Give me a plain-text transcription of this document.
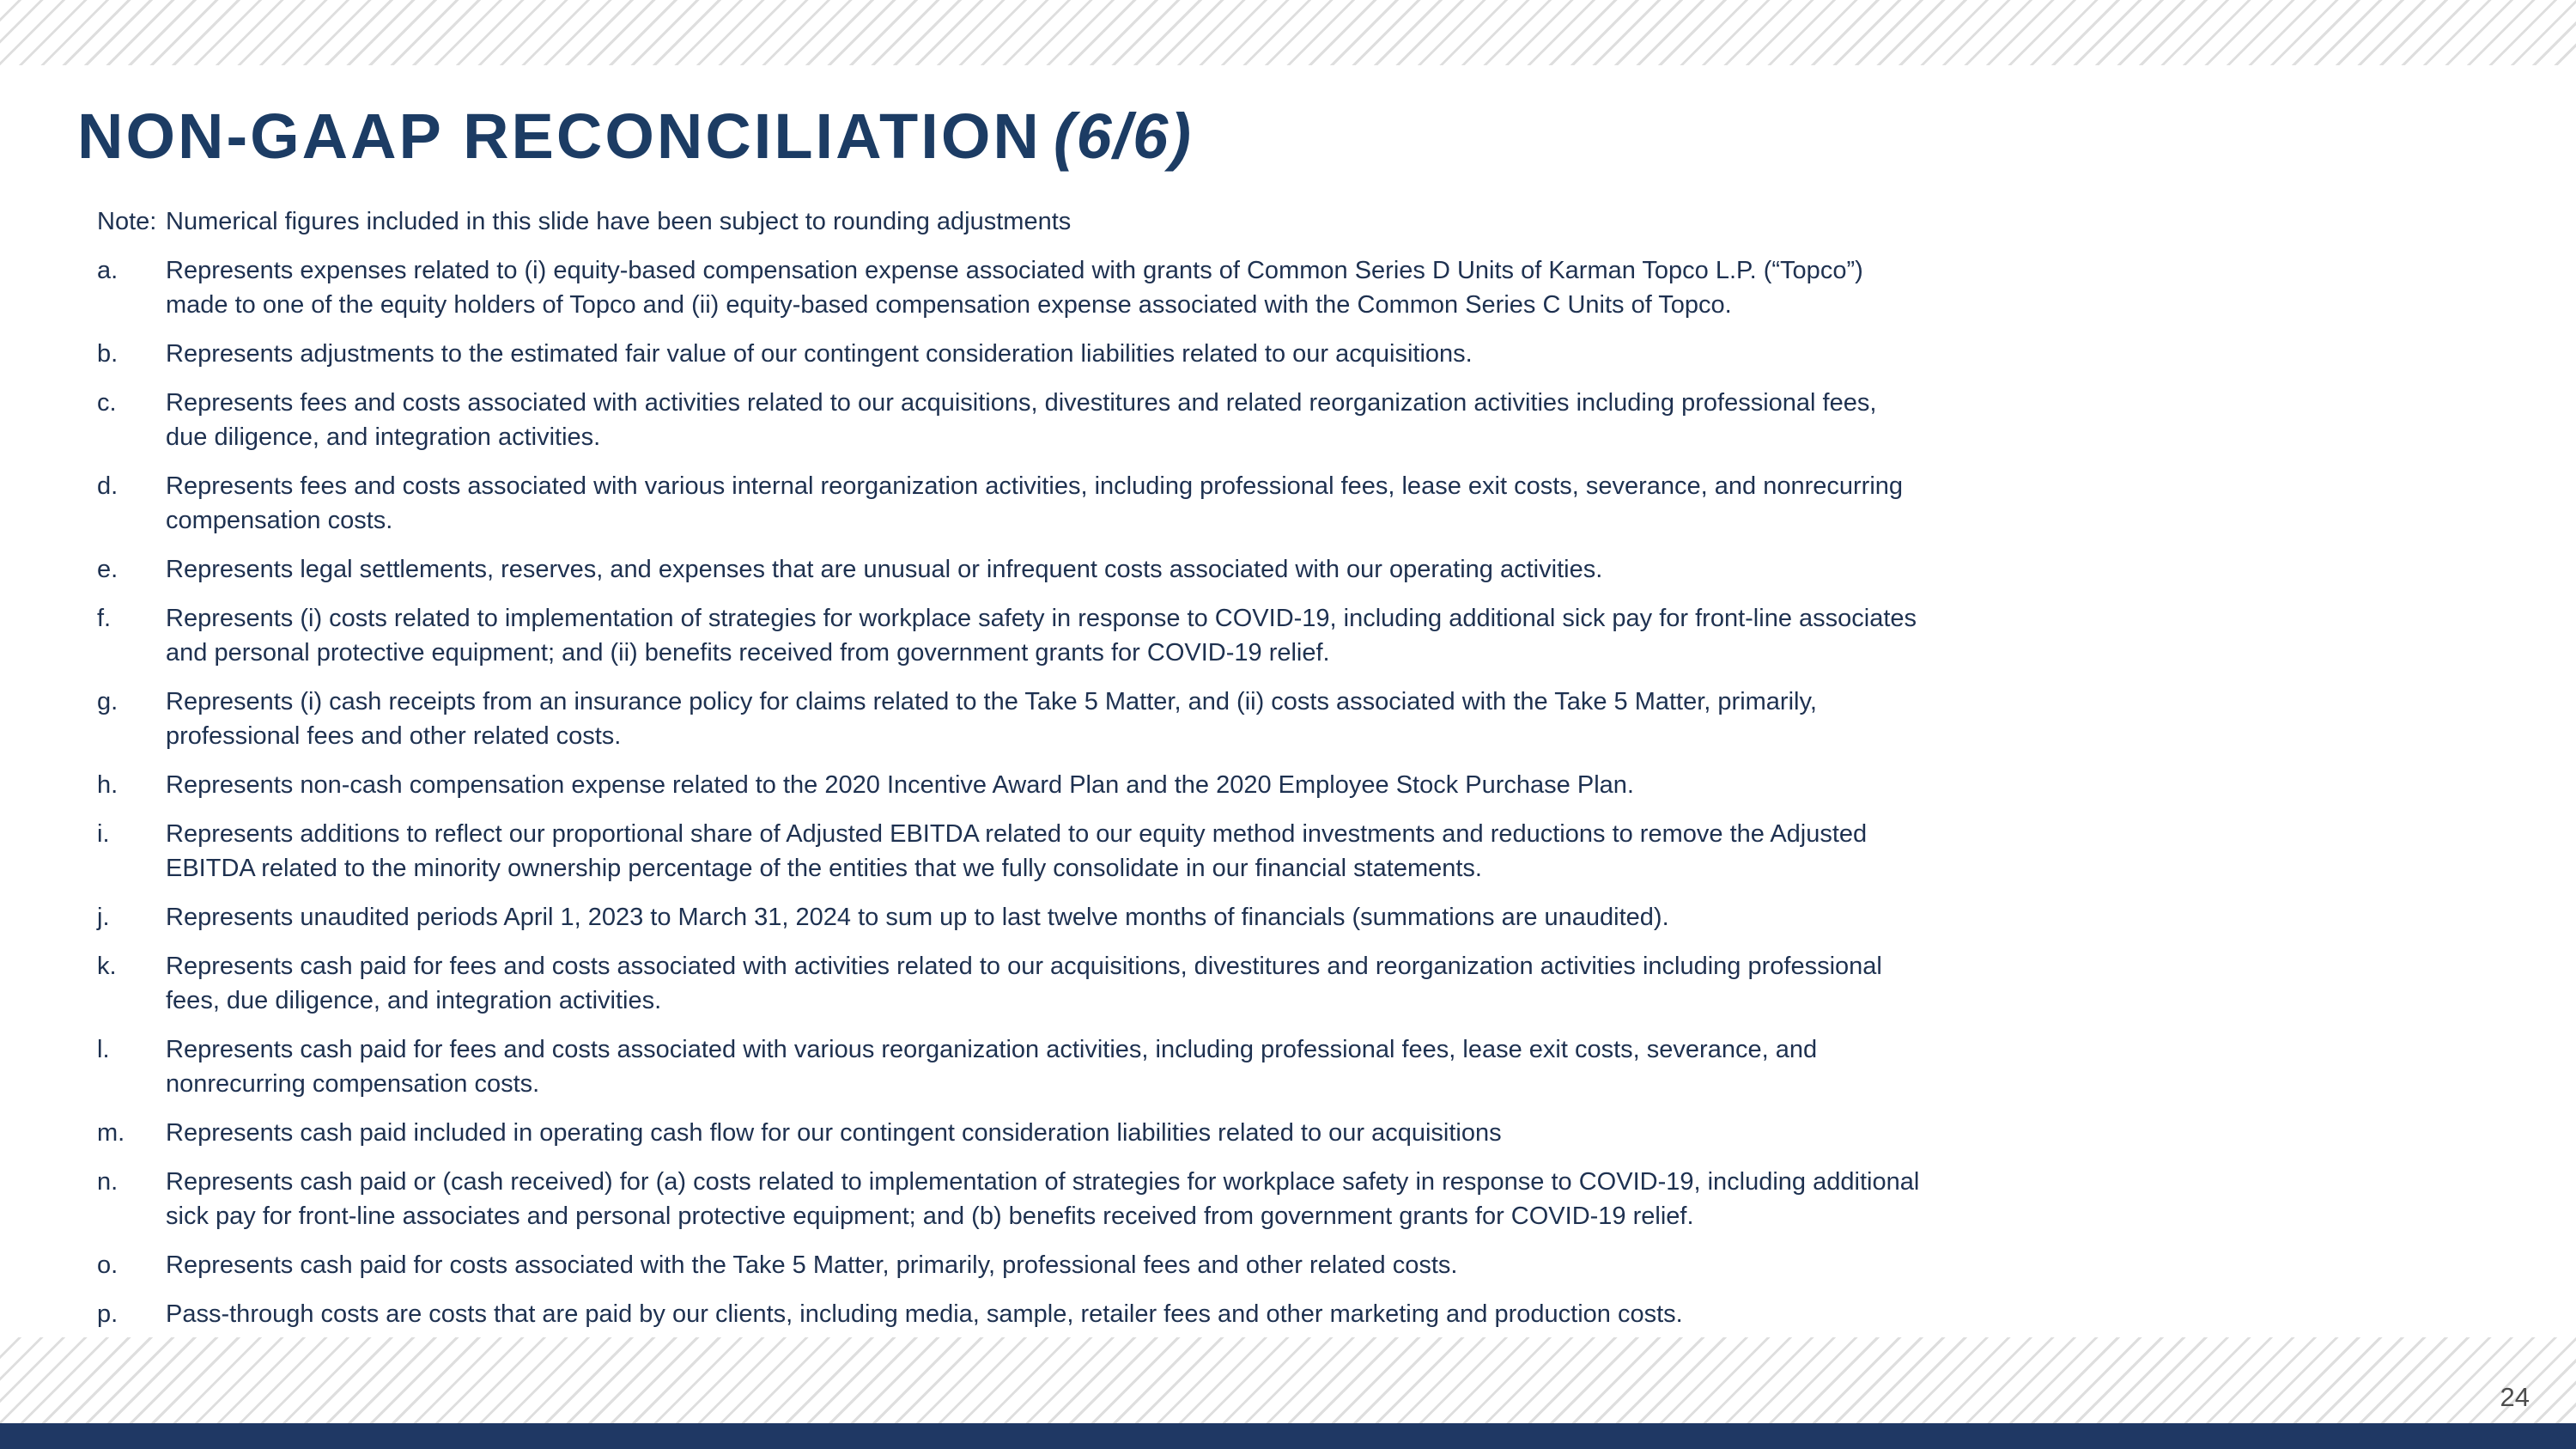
NON-GAAP RECONCILIATION (6/6)
Note: Numerical figures included in this slide have been subject to rounding adjustments
a.	Represents expenses related to (i) equity-based compensation expense associated with grants of Common Series D Units of Karman Topco L.P. (“Topco”) made to one of the equity holders of Topco and (ii) equity-based compensation expense associated with the Common Series C Units of Topco.
b.	Represents adjustments to the estimated fair value of our contingent consideration liabilities related to our acquisitions.
c.	Represents fees and costs associated with activities related to our acquisitions, divestitures and related reorganization activities including professional fees, due diligence, and integration activities.
d.	Represents fees and costs associated with various internal reorganization activities, including professional fees, lease exit costs, severance, and nonrecurring compensation costs.
e.	Represents legal settlements, reserves, and expenses that are unusual or infrequent costs associated with our operating activities.
f.	Represents (i) costs related to implementation of strategies for workplace safety in response to COVID-19, including additional sick pay for front-line associates and personal protective equipment; and (ii) benefits received from government grants for COVID-19 relief.
g.	Represents (i) cash receipts from an insurance policy for claims related to the Take 5 Matter, and (ii) costs associated with the Take 5 Matter, primarily, professional fees and other related costs.
h.	Represents non-cash compensation expense related to the 2020 Incentive Award Plan and the 2020 Employee Stock Purchase Plan.
i.	Represents additions to reflect our proportional share of Adjusted EBITDA related to our equity method investments and reductions to remove the Adjusted EBITDA related to the minority ownership percentage of the entities that we fully consolidate in our financial statements.
j.	Represents unaudited periods April 1, 2023 to March 31, 2024 to sum up to last twelve months of financials (summations are unaudited).
k.	Represents cash paid for fees and costs associated with activities related to our acquisitions, divestitures and reorganization activities including professional fees, due diligence, and integration activities.
l.	Represents cash paid for fees and costs associated with various reorganization activities, including professional fees, lease exit costs, severance, and nonrecurring compensation costs.
m.	Represents cash paid included in operating cash flow for our contingent consideration liabilities related to our acquisitions
n.	Represents cash paid or (cash received) for (a) costs related to implementation of strategies for workplace safety in response to COVID-19, including additional sick pay for front-line associates and personal protective equipment; and (b) benefits received from government grants for COVID-19 relief.
o.	Represents cash paid for costs associated with the Take 5 Matter, primarily, professional fees and other related costs.
p.	Pass-through costs are costs that are paid by our clients, including media, sample, retailer fees and other marketing and production costs.
24
